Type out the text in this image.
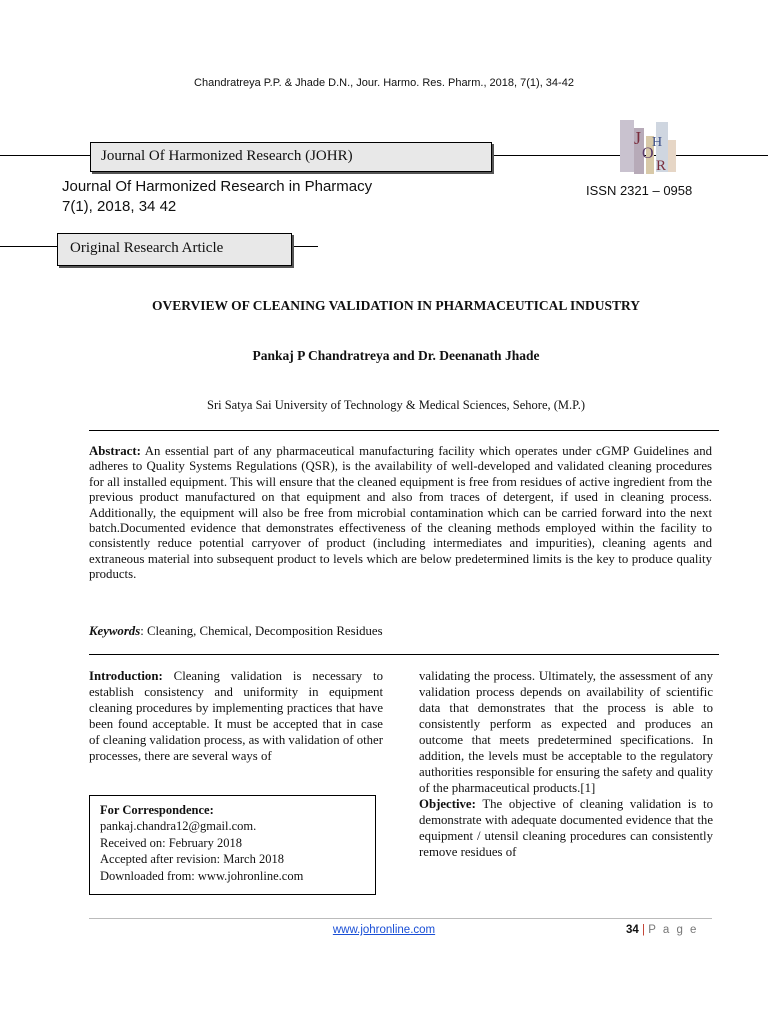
Chandratreya P.P. & Jhade D.N., Jour. Harmo. Res. Pharm., 2018, 7(1), 34-42
Journal Of Harmonized Research (JOHR)
Journal Of Harmonized Research in Pharmacy
7(1), 2018, 34 42
J
O
H
R
ISSN 2321 – 0958
Original Research Article
OVERVIEW OF CLEANING VALIDATION IN PHARMACEUTICAL INDUSTRY
Pankaj P Chandratreya and Dr. Deenanath Jhade
Sri Satya Sai University of Technology & Medical Sciences, Sehore, (M.P.)
Abstract: An essential part of any pharmaceutical manufacturing facility which operates under cGMP Guidelines and adheres to Quality Systems Regulations (QSR), is the availability of well-developed and validated cleaning procedures for all installed equipment. This will ensure that the cleaned equipment is free from residues of active ingredient from the previous product manufactured on that equipment and also from traces of detergent, if used in cleaning process. Additionally, the equipment will also be free from microbial contamination which can be carried forward into the next batch.Documented evidence that demonstrates effectiveness of the cleaning methods employed within the facility to consistently reduce potential carryover of product (including intermediates and impurities), cleaning agents and extraneous material into subsequent product to levels which are below predetermined limits is the key to produce quality products.
Keywords: Cleaning, Chemical, Decomposition Residues
Introduction: Cleaning validation is necessary to establish consistency and uniformity in equipment cleaning procedures by implementing practices that have been found acceptable. It must be accepted that in case of cleaning validation process, as with validation of other processes, there are several ways of
For Correspondence:
pankaj.chandra12@gmail.com.
Received on: February 2018
Accepted after revision: March 2018
Downloaded from: www.johronline.com
validating the process. Ultimately, the assessment of any validation process depends on availability of scientific data that demonstrates that the process is able to consistently perform as expected and produces an outcome that meets predetermined specifications. In addition, the levels must be acceptable to the regulatory authorities responsible for ensuring the safety and quality of the pharmaceutical products.[1]
Objective: The objective of cleaning validation is to demonstrate with adequate documented evidence that the equipment / utensil cleaning procedures can consistently remove residues of
www.johronline.com	34 | P a g e
